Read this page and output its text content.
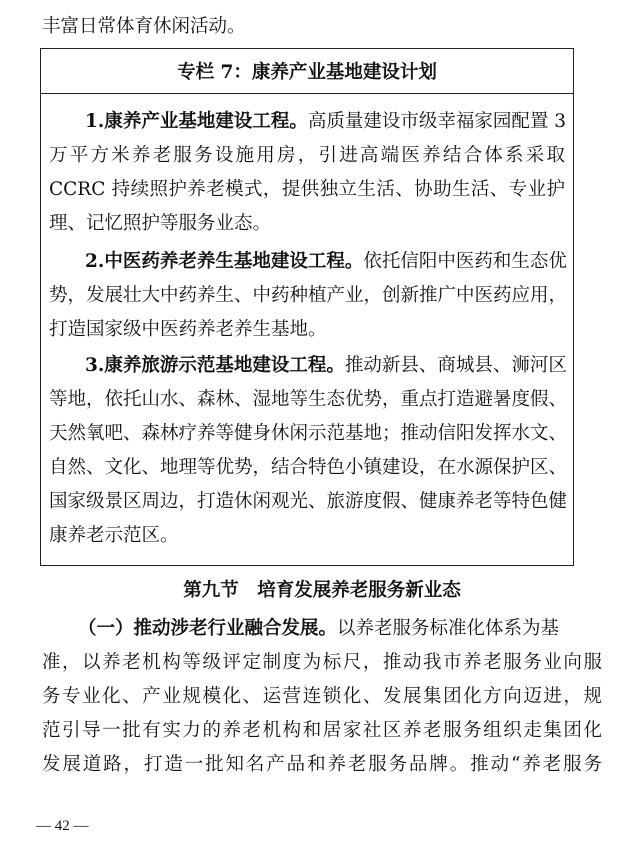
丰富日常体育休闲活动。
专栏 7：康养产业基地建设计划
1.康养产业基地建设工程。高质量建设市级幸福家园配置 3
万平方米养老服务设施用房，引进高端医养结合体系采取
CCRC 持续照护养老模式，提供独立生活、协助生活、专业护
理、记忆照护等服务业态。
2.中医药养老养生基地建设工程。依托信阳中医药和生态优
势，发展壮大中药养生、中药种植产业，创新推广中医药应用，
打造国家级中医药养老养生基地。
3.康养旅游示范基地建设工程。推动新县、商城县、浉河区
等地，依托山水、森林、湿地等生态优势，重点打造避暑度假、
天然氧吧、森林疗养等健身休闲示范基地；推动信阳发挥水文、
自然、文化、地理等优势，结合特色小镇建设，在水源保护区、
国家级景区周边，打造休闲观光、旅游度假、健康养老等特色健
康养老示范区。
第九节　培育发展养老服务新业态
（一）推动涉老行业融合发展。以养老服务标准化体系为基
准，以养老机构等级评定制度为标尺，推动我市养老服务业向服
务专业化、产业规模化、运营连锁化、发展集团化方向迈进，规
范引导一批有实力的养老机构和居家社区养老服务组织走集团化
发展道路，打造一批知名产品和养老服务品牌。推动“养老服务
— 42 —
